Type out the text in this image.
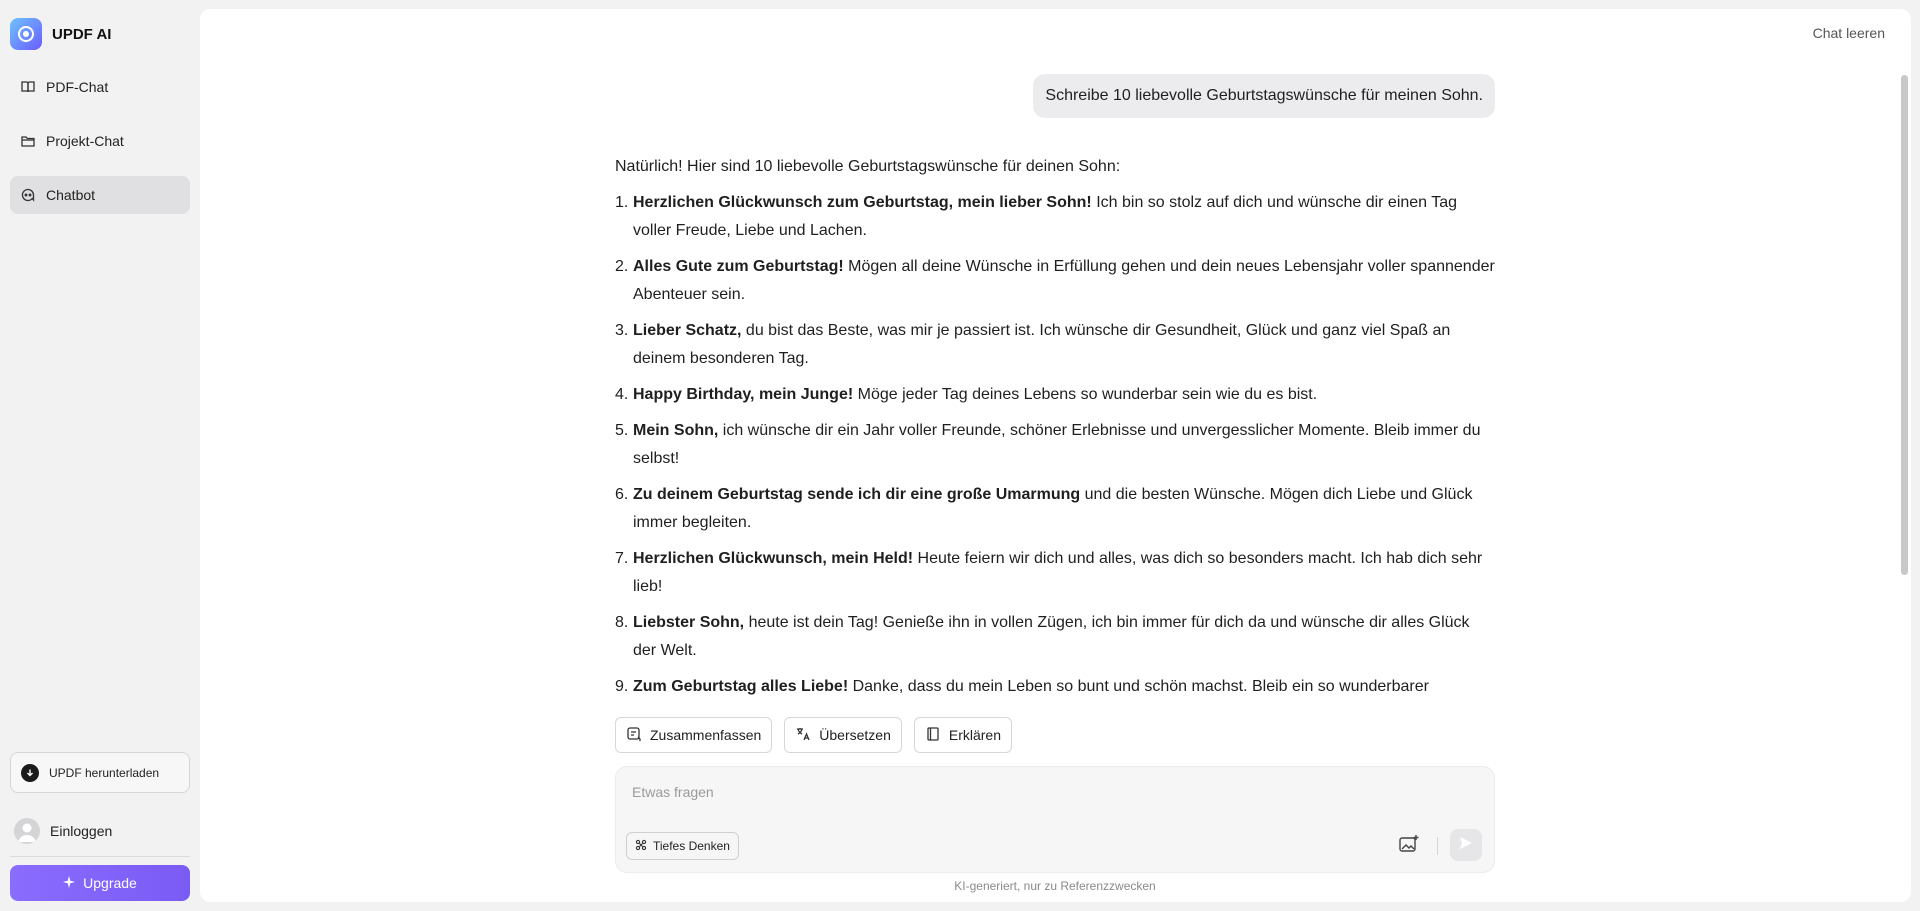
UPDF AI
PDF-Chat
Projekt-Chat
Chatbot
UPDF herunterladen
Einloggen
Upgrade
Chat leeren
Schreibe 10 liebevolle Geburtstagswünsche für meinen Sohn.
Natürlich! Hier sind 10 liebevolle Geburtstagswünsche für deinen Sohn:
1. Herzlichen Glückwunsch zum Geburtstag, mein lieber Sohn! Ich bin so stolz auf dich und wünsche dir einen Tag voller Freude, Liebe und Lachen.
2. Alles Gute zum Geburtstag! Mögen all deine Wünsche in Erfüllung gehen und dein neues Lebensjahr voller spannender Abenteuer sein.
3. Lieber Schatz, du bist das Beste, was mir je passiert ist. Ich wünsche dir Gesundheit, Glück und ganz viel Spaß an deinem besonderen Tag.
4. Happy Birthday, mein Junge! Möge jeder Tag deines Lebens so wunderbar sein wie du es bist.
5. Mein Sohn, ich wünsche dir ein Jahr voller Freunde, schöner Erlebnisse und unvergesslicher Momente. Bleib immer du selbst!
6. Zu deinem Geburtstag sende ich dir eine große Umarmung und die besten Wünsche. Mögen dich Liebe und Glück immer begleiten.
7. Herzlichen Glückwunsch, mein Held! Heute feiern wir dich und alles, was dich so besonders macht. Ich hab dich sehr lieb!
8. Liebster Sohn, heute ist dein Tag! Genieße ihn in vollen Zügen, ich bin immer für dich da und wünsche dir alles Glück der Welt.
9. Zum Geburtstag alles Liebe! Danke, dass du mein Leben so bunt und schön machst. Bleib ein so wunderbarer
Zusammenfassen	Übersetzen	Erklären
Etwas fragen
Tiefes Denken
KI-generiert, nur zu Referenzzwecken
